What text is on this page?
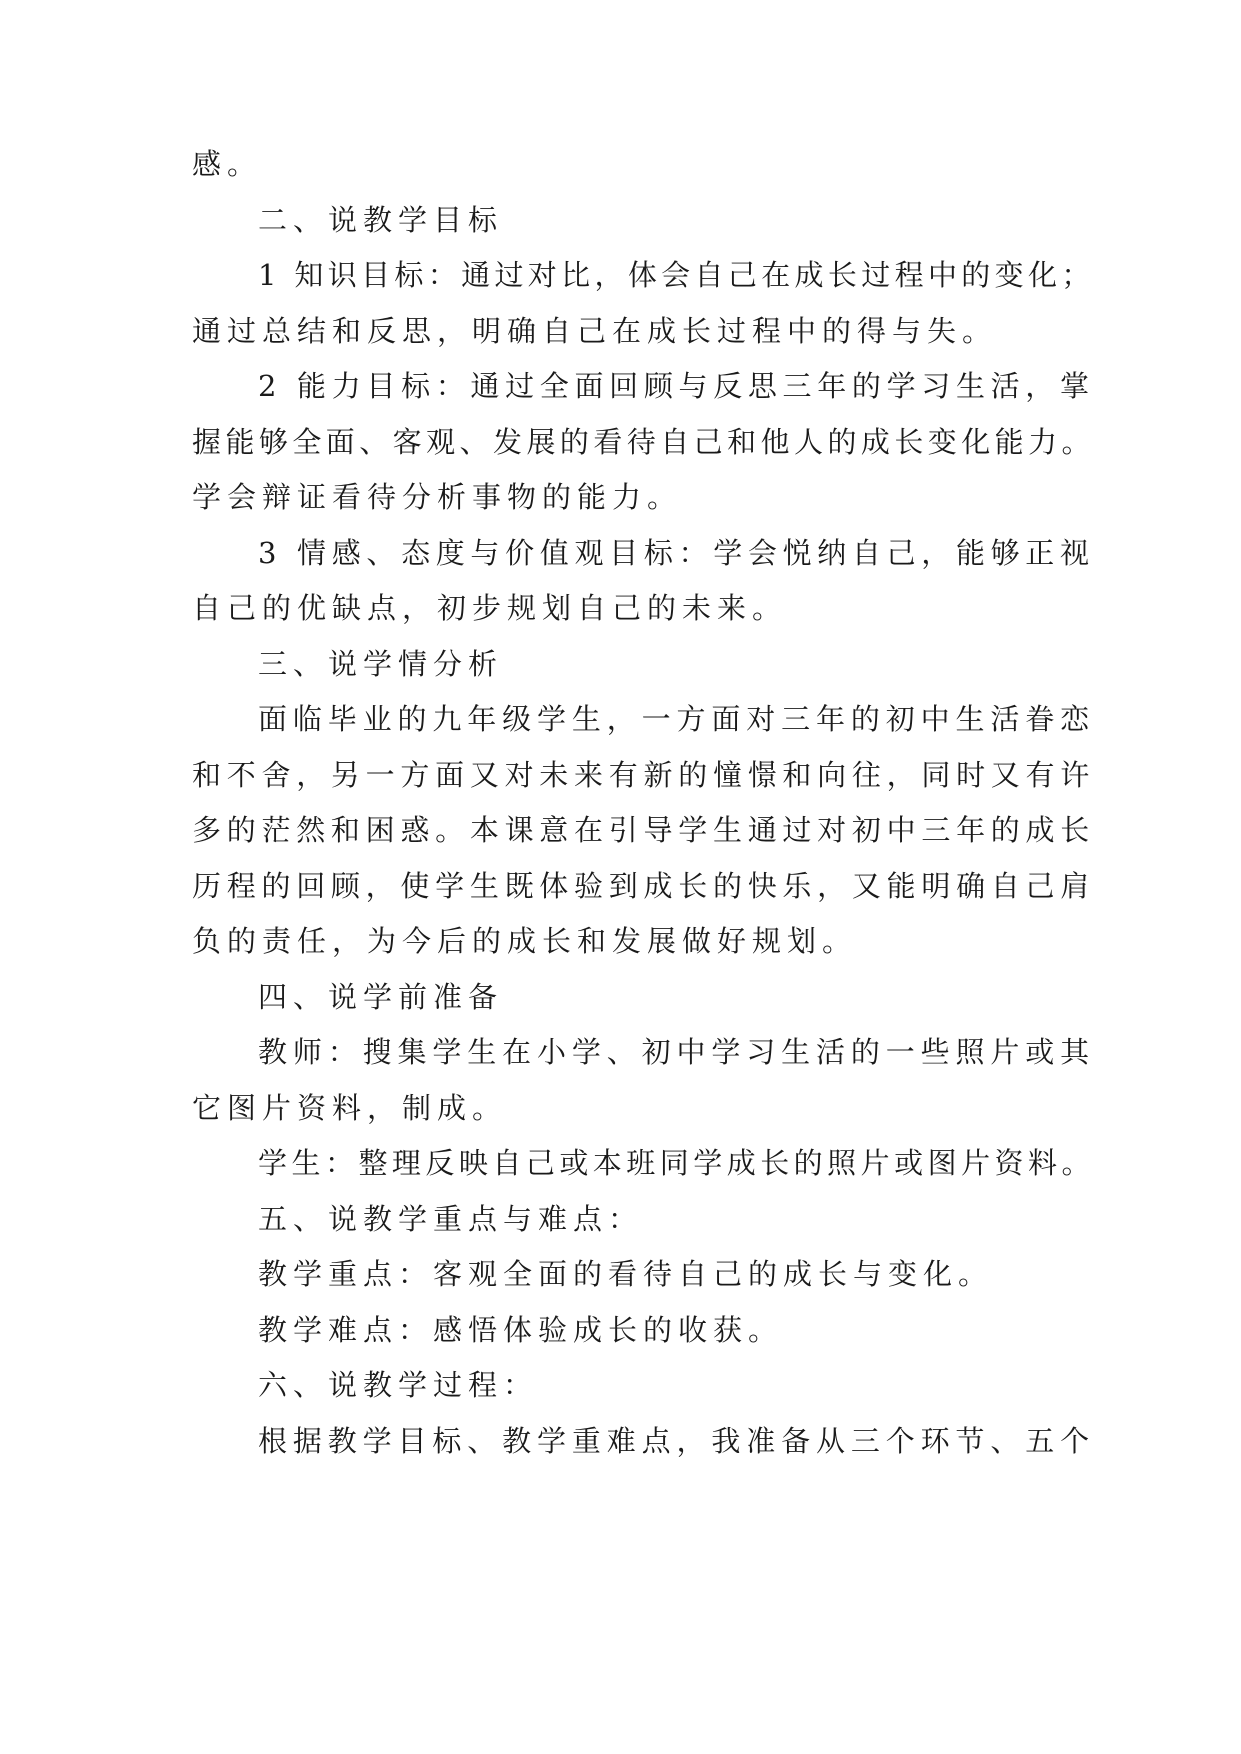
感。
二、说教学目标
1 知识目标：通过对比，体会自己在成长过程中的变化；
通过总结和反思，明确自己在成长过程中的得与失。
2 能力目标：通过全面回顾与反思三年的学习生活，掌
握能够全面、客观、发展的看待自己和他人的成长变化能力。
学会辩证看待分析事物的能力。
3 情感、态度与价值观目标：学会悦纳自己，能够正视
自己的优缺点，初步规划自己的未来。
三、说学情分析
面临毕业的九年级学生，一方面对三年的初中生活眷恋
和不舍，另一方面又对未来有新的憧憬和向往，同时又有许
多的茫然和困惑。本课意在引导学生通过对初中三年的成长
历程的回顾，使学生既体验到成长的快乐，又能明确自己肩
负的责任，为今后的成长和发展做好规划。
四、说学前准备
教师：搜集学生在小学、初中学习生活的一些照片或其
它图片资料，制成。
学生：整理反映自己或本班同学成长的照片或图片资料。
五、说教学重点与难点：
教学重点：客观全面的看待自己的成长与变化。
教学难点：感悟体验成长的收获。
六、说教学过程：
根据教学目标、教学重难点，我准备从三个环节、五个
